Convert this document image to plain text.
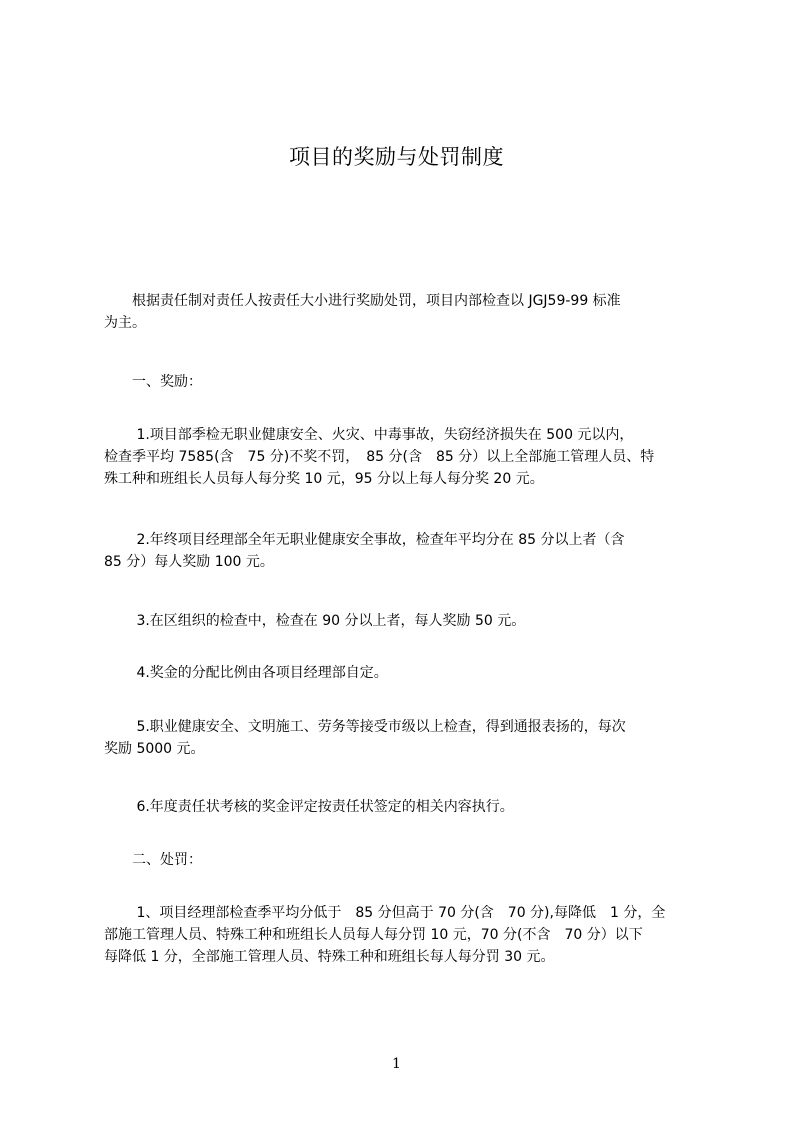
项目的奖励与处罚制度
　　根据责任制对责任人按责任大小进行奖励处罚，项目内部检查以 JGJ59-99 标准
为主。
　　一、奖励：
　　 1.项目部季检无职业健康安全、火灾、中毒事故，失窃经济损失在 500 元以内，
检查季平均 7585(含　75 分)不奖不罚，　85 分(含　85 分）以上全部施工管理人员、特
殊工种和班组长人员每人每分奖 10 元，95 分以上每人每分奖 20 元。
　　 2.年终项目经理部全年无职业健康安全事故，检查年平均分在 85 分以上者（含
85 分）每人奖励 100 元。
　　 3.在区组织的检查中，检查在 90 分以上者，每人奖励 50 元。
　　 4.奖金的分配比例由各项目经理部自定。
　　 5.职业健康安全、文明施工、劳务等接受市级以上检查，得到通报表扬的，每次
奖励 5000 元。
　　 6.年度责任状考核的奖金评定按责任状签定的相关内容执行。
　　二、处罚：
　　 1、项目经理部检查季平均分低于　85 分但高于 70 分(含　70 分),每降低　1 分，全
部施工管理人员、特殊工种和班组长人员每人每分罚 10 元，70 分(不含　70 分）以下
每降低 1 分，全部施工管理人员、特殊工种和班组长每人每分罚 30 元。
1
